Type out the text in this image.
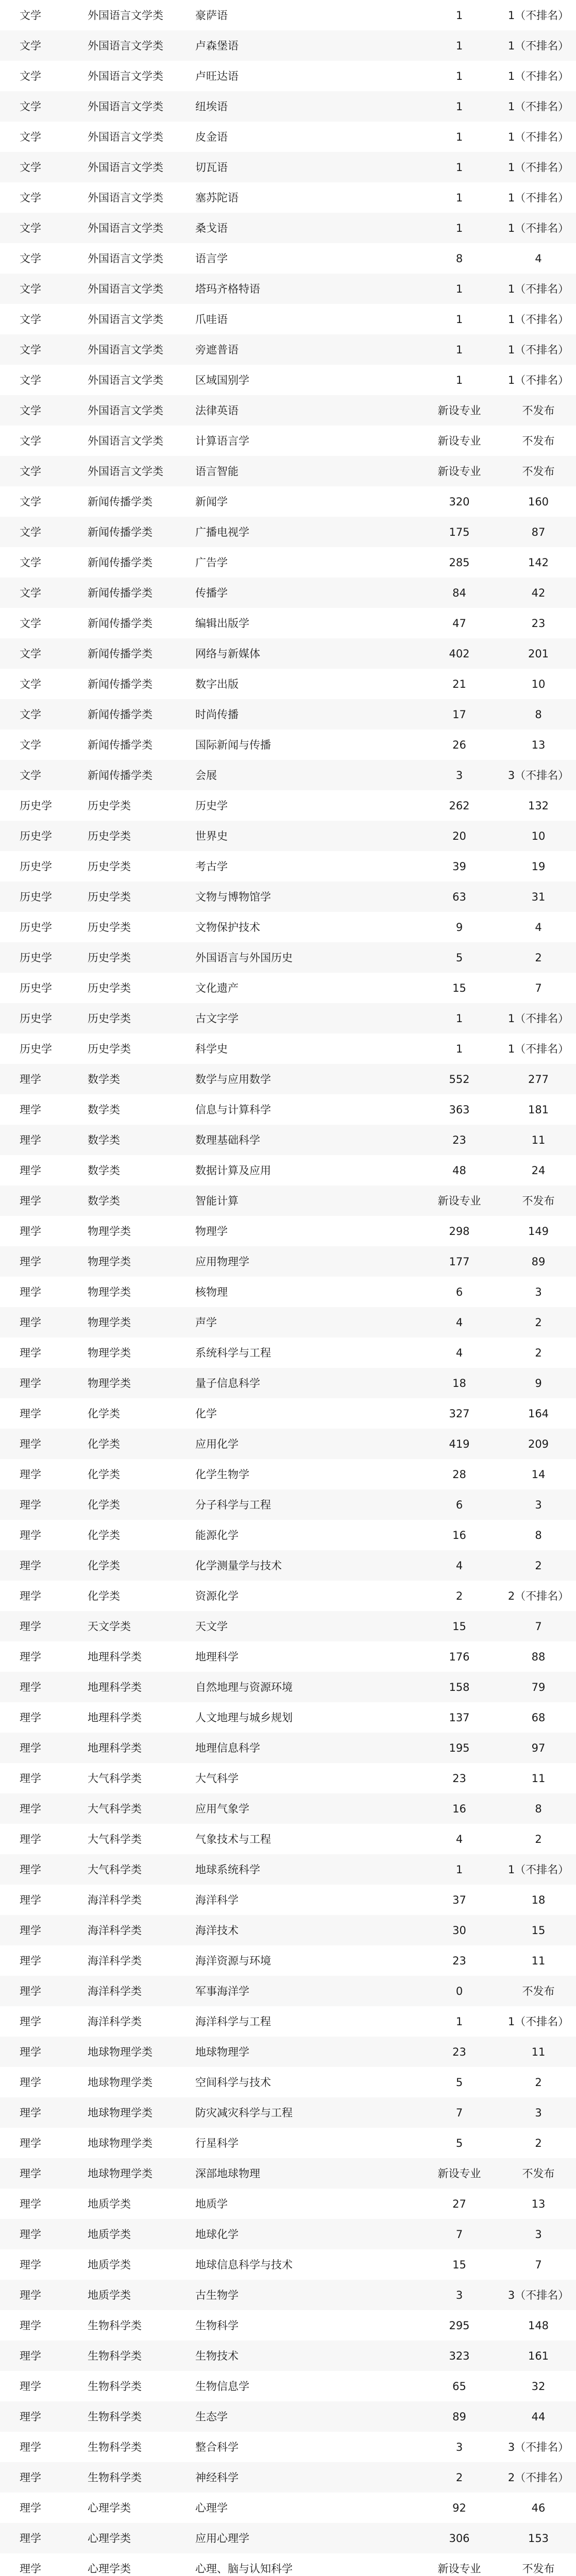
文学	外国语言文学类	豪萨语	1	1（不排名）
文学	外国语言文学类	卢森堡语	1	1（不排名）
文学	外国语言文学类	卢旺达语	1	1（不排名）
文学	外国语言文学类	纽埃语	1	1（不排名）
文学	外国语言文学类	皮金语	1	1（不排名）
文学	外国语言文学类	切瓦语	1	1（不排名）
文学	外国语言文学类	塞苏陀语	1	1（不排名）
文学	外国语言文学类	桑戈语	1	1（不排名）
文学	外国语言文学类	语言学	8	4
文学	外国语言文学类	塔玛齐格特语	1	1（不排名）
文学	外国语言文学类	爪哇语	1	1（不排名）
文学	外国语言文学类	旁遮普语	1	1（不排名）
文学	外国语言文学类	区域国别学	1	1（不排名）
文学	外国语言文学类	法律英语	新设专业	不发布
文学	外国语言文学类	计算语言学	新设专业	不发布
文学	外国语言文学类	语言智能	新设专业	不发布
文学	新闻传播学类	新闻学	320	160
文学	新闻传播学类	广播电视学	175	87
文学	新闻传播学类	广告学	285	142
文学	新闻传播学类	传播学	84	42
文学	新闻传播学类	编辑出版学	47	23
文学	新闻传播学类	网络与新媒体	402	201
文学	新闻传播学类	数字出版	21	10
文学	新闻传播学类	时尚传播	17	8
文学	新闻传播学类	国际新闻与传播	26	13
文学	新闻传播学类	会展	3	3（不排名）
历史学	历史学类	历史学	262	132
历史学	历史学类	世界史	20	10
历史学	历史学类	考古学	39	19
历史学	历史学类	文物与博物馆学	63	31
历史学	历史学类	文物保护技术	9	4
历史学	历史学类	外国语言与外国历史	5	2
历史学	历史学类	文化遗产	15	7
历史学	历史学类	古文字学	1	1（不排名）
历史学	历史学类	科学史	1	1（不排名）
理学	数学类	数学与应用数学	552	277
理学	数学类	信息与计算科学	363	181
理学	数学类	数理基础科学	23	11
理学	数学类	数据计算及应用	48	24
理学	数学类	智能计算	新设专业	不发布
理学	物理学类	物理学	298	149
理学	物理学类	应用物理学	177	89
理学	物理学类	核物理	6	3
理学	物理学类	声学	4	2
理学	物理学类	系统科学与工程	4	2
理学	物理学类	量子信息科学	18	9
理学	化学类	化学	327	164
理学	化学类	应用化学	419	209
理学	化学类	化学生物学	28	14
理学	化学类	分子科学与工程	6	3
理学	化学类	能源化学	16	8
理学	化学类	化学测量学与技术	4	2
理学	化学类	资源化学	2	2（不排名）
理学	天文学类	天文学	15	7
理学	地理科学类	地理科学	176	88
理学	地理科学类	自然地理与资源环境	158	79
理学	地理科学类	人文地理与城乡规划	137	68
理学	地理科学类	地理信息科学	195	97
理学	大气科学类	大气科学	23	11
理学	大气科学类	应用气象学	16	8
理学	大气科学类	气象技术与工程	4	2
理学	大气科学类	地球系统科学	1	1（不排名）
理学	海洋科学类	海洋科学	37	18
理学	海洋科学类	海洋技术	30	15
理学	海洋科学类	海洋资源与环境	23	11
理学	海洋科学类	军事海洋学	0	不发布
理学	海洋科学类	海洋科学与工程	1	1（不排名）
理学	地球物理学类	地球物理学	23	11
理学	地球物理学类	空间科学与技术	5	2
理学	地球物理学类	防灾减灾科学与工程	7	3
理学	地球物理学类	行星科学	5	2
理学	地球物理学类	深部地球物理	新设专业	不发布
理学	地质学类	地质学	27	13
理学	地质学类	地球化学	7	3
理学	地质学类	地球信息科学与技术	15	7
理学	地质学类	古生物学	3	3（不排名）
理学	生物科学类	生物科学	295	148
理学	生物科学类	生物技术	323	161
理学	生物科学类	生物信息学	65	32
理学	生物科学类	生态学	89	44
理学	生物科学类	整合科学	3	3（不排名）
理学	生物科学类	神经科学	2	2（不排名）
理学	心理学类	心理学	92	46
理学	心理学类	应用心理学	306	153
理学	心理学类	心理、脑与认知科学	新设专业	不发布
